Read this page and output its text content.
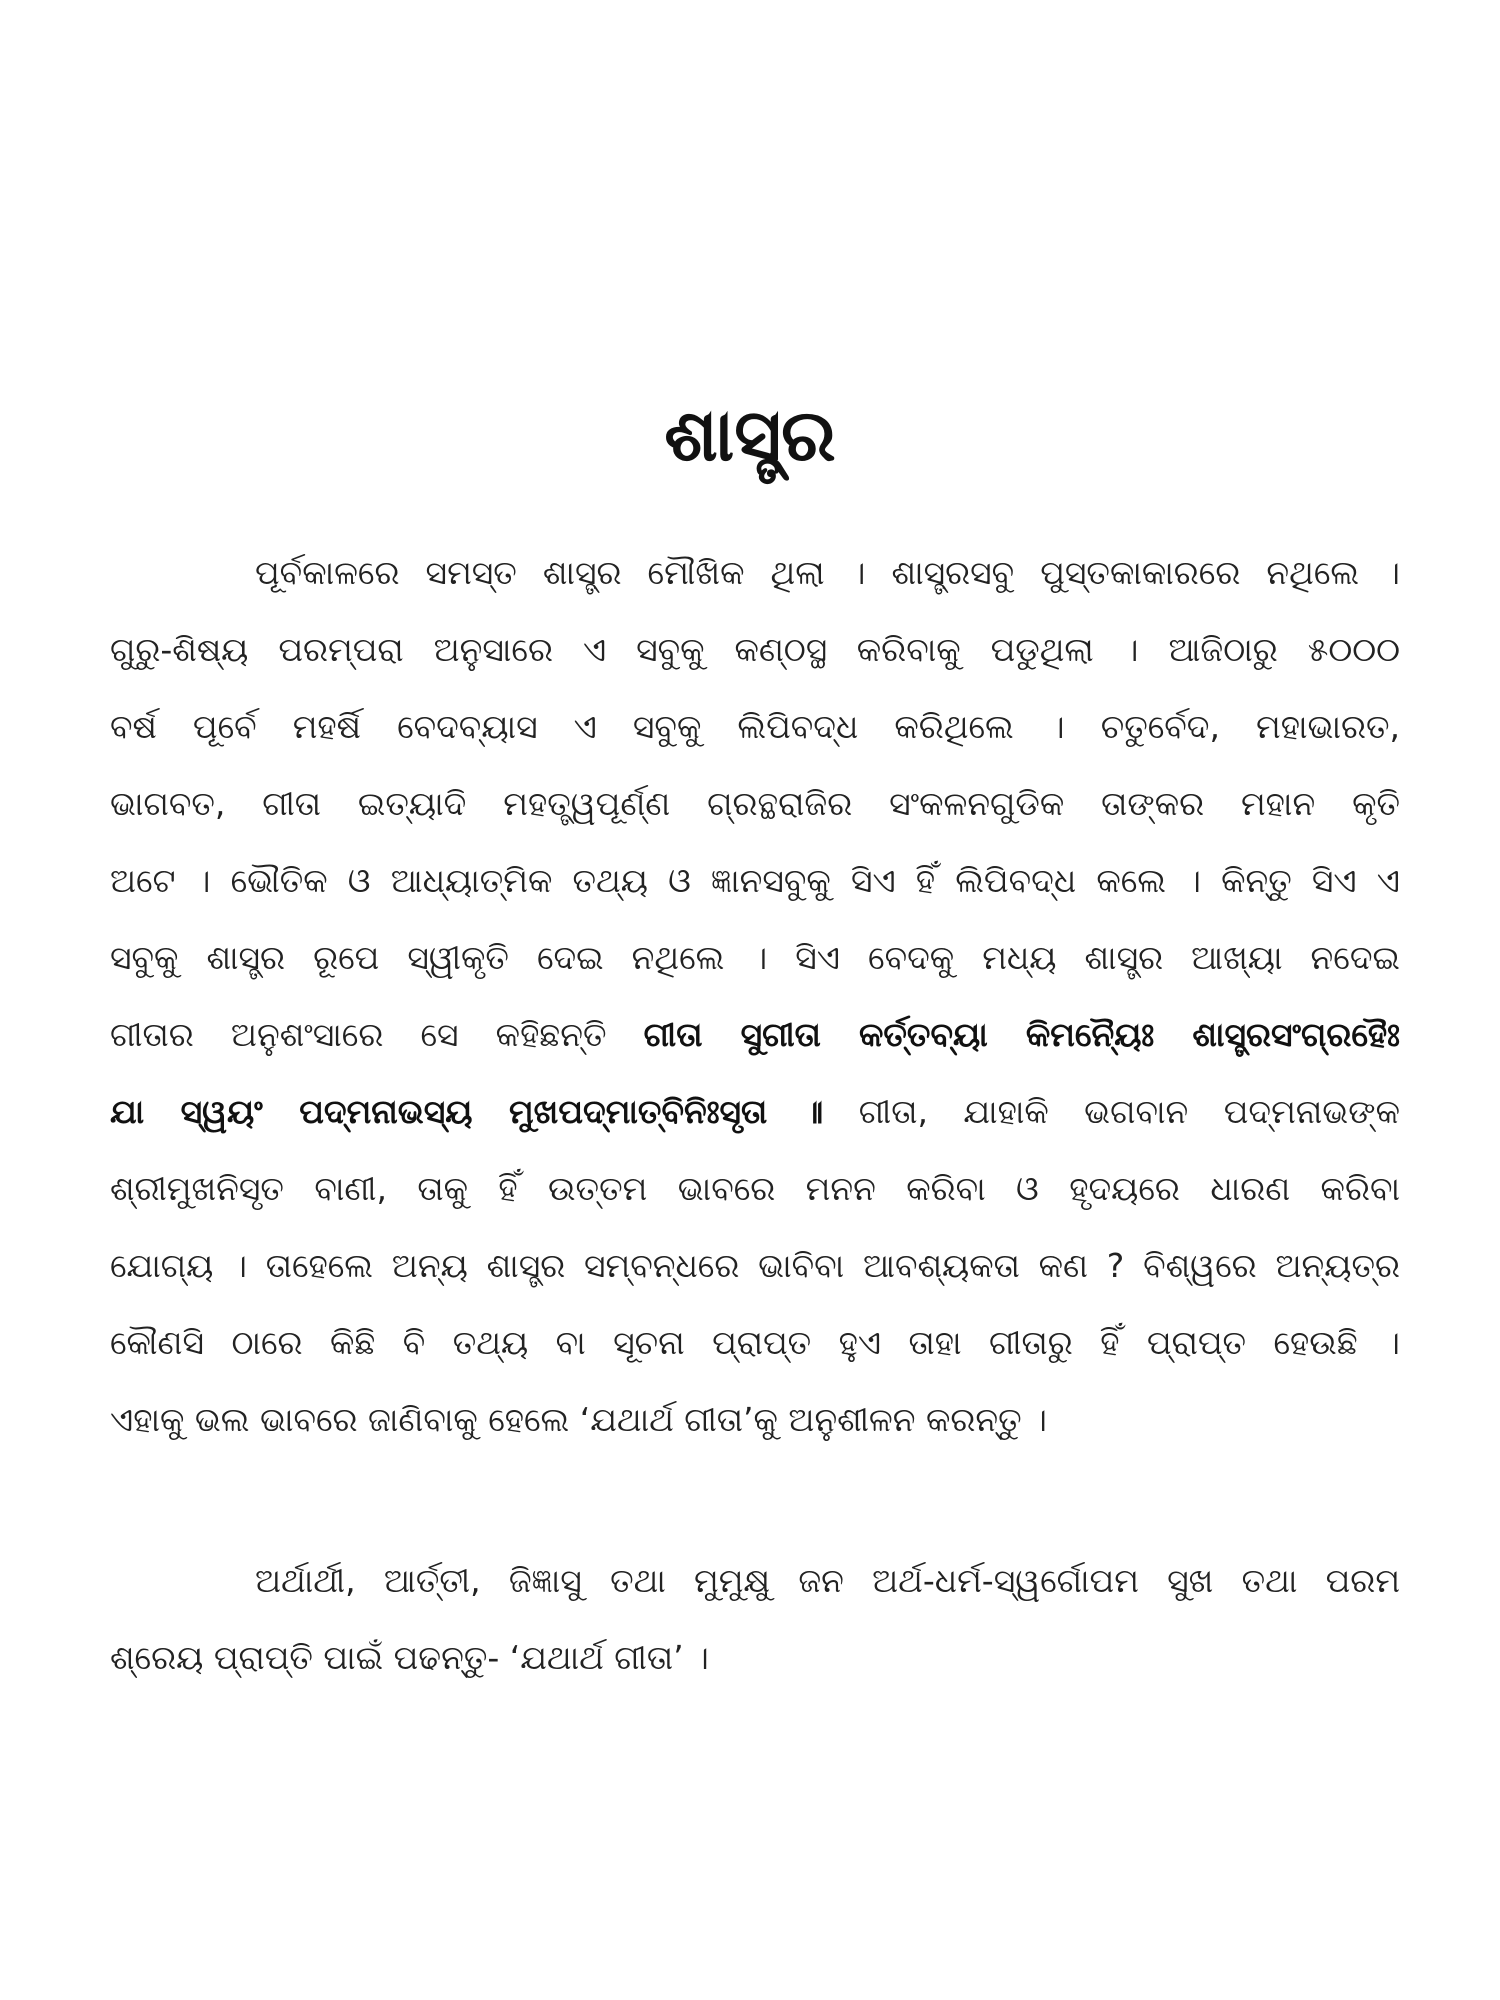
ଶାସ୍ତ୍ର
ପୂର୍ବକାଳରେ ସମସ୍ତ ଶାସ୍ତ୍ର ମୌଖିକ ଥିଲା । ଶାସ୍ତ୍ରସବୁ ପୁସ୍ତକାକାରରେ ନଥିଲେ ।
ଗୁରୁ-ଶିଷ୍ୟ ପରମ୍ପରା ଅନୁସାରେ ଏ ସବୁକୁ କଣ୍ଠସ୍ଥ କରିବାକୁ ପଡୁଥିଲା । ଆଜିଠାରୁ ୫୦୦୦
ବର୍ଷ ପୂର୍ବେ ମହର୍ଷି ବେଦବ୍ୟାସ ଏ ସବୁକୁ ଲିପିବଦ୍ଧ କରିଥିଲେ । ଚତୁର୍ବେଦ, ମହାଭାରତ,
ଭାଗବତ, ଗୀତା ଇତ୍ୟାଦି ମହତ୍ତ୍ୱପୂର୍ଣ୍ଣ ଗ୍ରନ୍ଥରାଜିର ସଂକଳନଗୁଡିକ ତାଙ୍କର ମହାନ କୃତି
ଅଟେ । ଭୌତିକ ଓ ଆଧ୍ୟାତ୍ମିକ ତଥ୍ୟ ଓ ଜ୍ଞାନସବୁକୁ ସିଏ ହିଁ ଲିପିବଦ୍ଧ କଲେ । କିନ୍ତୁ ସିଏ ଏ
ସବୁକୁ ଶାସ୍ତ୍ର ରୂପେ ସ୍ୱୀକୃତି ଦେଇ ନଥିଲେ । ସିଏ ବେଦକୁ ମଧ୍ୟ ଶାସ୍ତ୍ର ଆଖ୍ୟା ନଦେଇ
ଗୀତାର ଅନୁଶଂସାରେ ସେ କହିଛନ୍ତି ଗୀତା ସୁଗୀତା କର୍ତ୍ତବ୍ୟା କିମନ୍ୟୈଃ ଶାସ୍ତ୍ରସଂଗ୍ରହୈଃ
ଯା ସ୍ୱୟଂ ପଦ୍ମନାଭସ୍ୟ ମୁଖପଦ୍ମାତ୍‌ବିନିଃସୃତା ॥ ଗୀତା, ଯାହାକି ଭଗବାନ ପଦ୍ମନାଭଙ୍କ
ଶ୍ରୀମୁଖନିସୃତ ବାଣୀ, ତାକୁ ହିଁ ଉତ୍ତମ ଭାବରେ ମନନ କରିବା ଓ ହୃଦୟରେ ଧାରଣ କରିବା
ଯୋଗ୍ୟ । ତାହେଲେ ଅନ୍ୟ ଶାସ୍ତ୍ର ସମ୍ବନ୍ଧରେ ଭାବିବା ଆବଶ୍ୟକତା କଣ ? ବିଶ୍ୱରେ ଅନ୍ୟତ୍ର
କୌଣସି ଠାରେ କିଛି ବି ତଥ୍ୟ ବା ସୂଚନା ପ୍ରାପ୍ତ ହୁଏ ତାହା ଗୀତାରୁ ହିଁ ପ୍ରାପ୍ତ ହେଉଛି ।
ଏହାକୁ ଭଲ ଭାବରେ ଜାଣିବାକୁ ହେଲେ ‘ଯଥାର୍ଥ ଗୀତା’କୁ ଅନୁଶୀଳନ କରନ୍ତୁ ।
ଅର୍ଥାର୍ଥୀ, ଆର୍ତ୍ତୀ, ଜିଜ୍ଞାସୁ ତଥା ମୁମୁକ୍ଷୁ ଜନ ଅର୍ଥ-ଧର୍ମ-ସ୍ୱର୍ଗୋପମ ସୁଖ ତଥା ପରମ
ଶ୍ରେୟ ପ୍ରାପ୍ତି ପାଇଁ ପଢନ୍ତୁ- ‘ଯଥାର୍ଥ ଗୀତା’ ।
